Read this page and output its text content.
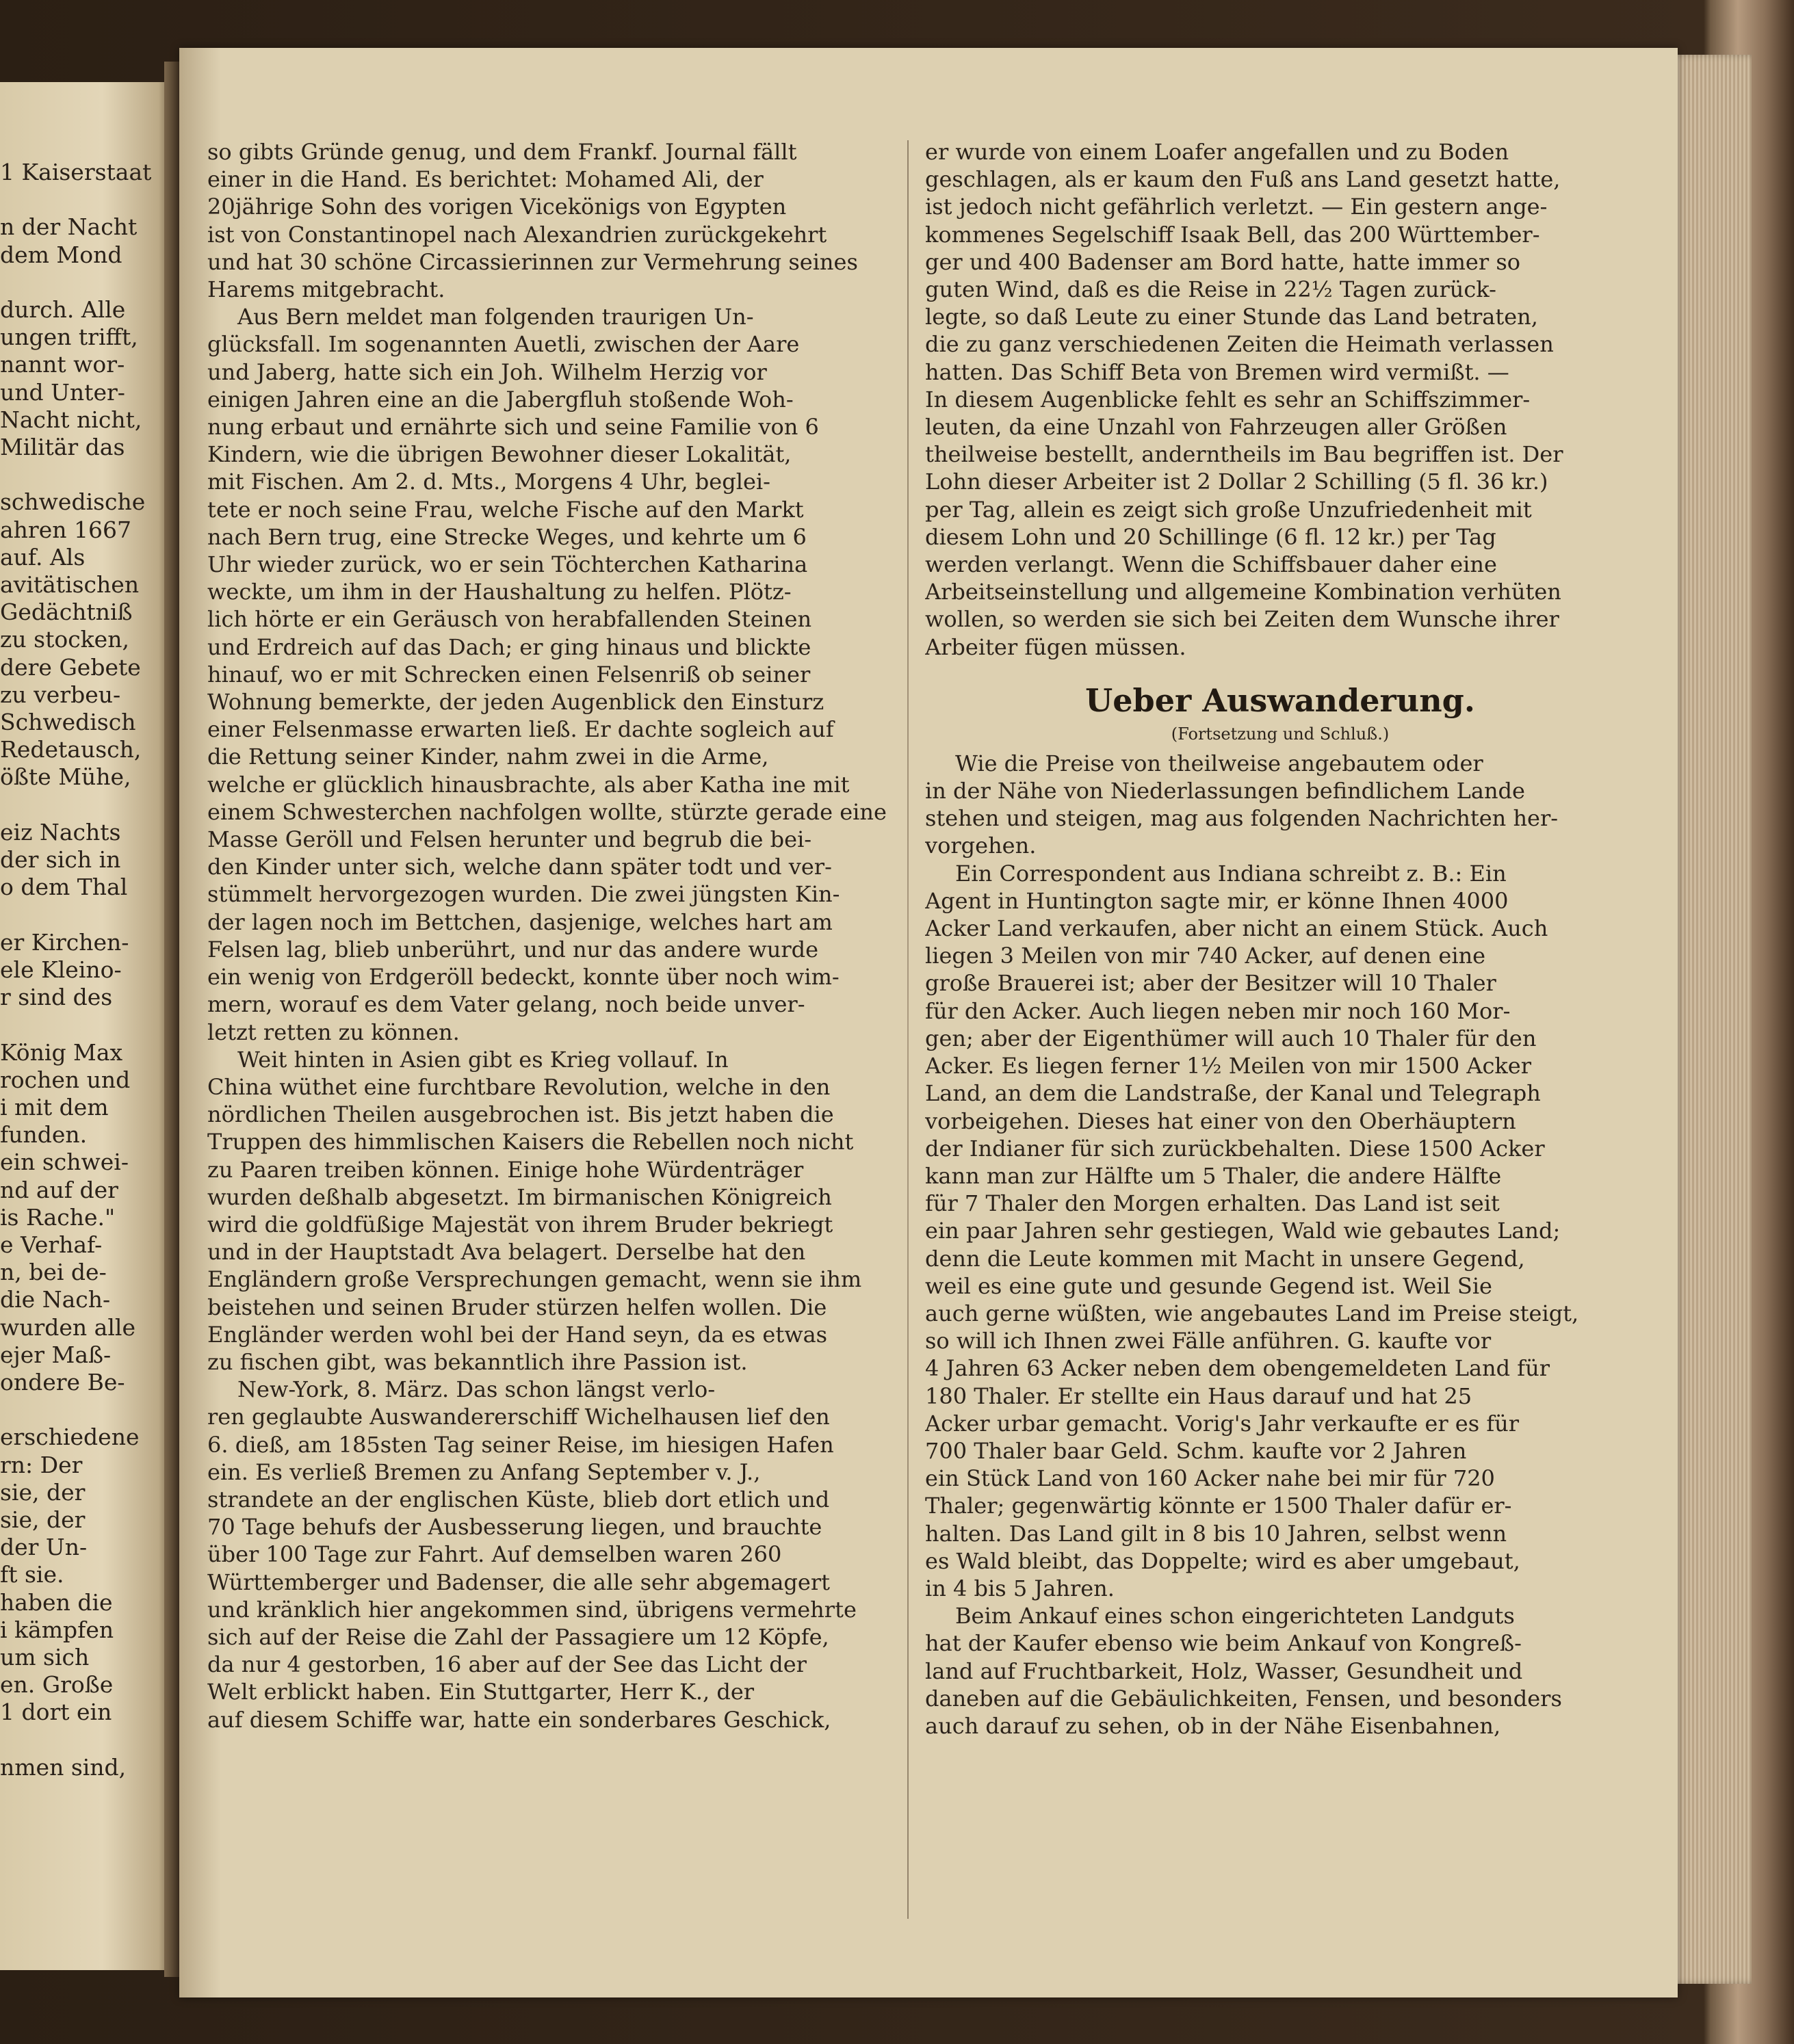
1 Kaiserstaat

n der Nacht
dem Mond

durch. Alle
ungen trifft,
nannt wor-
und Unter-
Nacht nicht,
Militär das

schwedische
ahren 1667
auf. Als
avitätischen
Gedächtniß
zu stocken,
dere Gebete
zu verbeu-
Schwedisch
Redetausch,
ößte Mühe,

eiz Nachts
der sich in
o dem Thal

er Kirchen-
ele Kleino-
r sind des

König Max
rochen und
i mit dem
funden.
ein schwei-
nd auf der
is Rache."
e Verhaf-
n, bei de-
die Nach-
wurden alle
ejer Maß-
ondere Be-

erschiedene
rn: Der
sie, der
sie, der
der Un-
ft sie.
haben die
i kämpfen
um sich
en. Große
1 dort ein

nmen sind,
so gibts Gründe genug, und dem Frankf. Journal fällt
einer in die Hand. Es berichtet: Mohamed Ali, der
20jährige Sohn des vorigen Vicekönigs von Egypten
ist von Constantinopel nach Alexandrien zurückgekehrt
und hat 30 schöne Circassierinnen zur Vermehrung seines
Harems mitgebracht.
Aus Bern meldet man folgenden traurigen Un-
glücksfall. Im sogenannten Auetli, zwischen der Aare
und Jaberg, hatte sich ein Joh. Wilhelm Herzig vor
einigen Jahren eine an die Jabergfluh stoßende Woh-
nung erbaut und ernährte sich und seine Familie von 6
Kindern, wie die übrigen Bewohner dieser Lokalität,
mit Fischen. Am 2. d. Mts., Morgens 4 Uhr, beglei-
tete er noch seine Frau, welche Fische auf den Markt
nach Bern trug, eine Strecke Weges, und kehrte um 6
Uhr wieder zurück, wo er sein Töchterchen Katharina
weckte, um ihm in der Haushaltung zu helfen. Plötz-
lich hörte er ein Geräusch von herabfallenden Steinen
und Erdreich auf das Dach; er ging hinaus und blickte
hinauf, wo er mit Schrecken einen Felsenriß ob seiner
Wohnung bemerkte, der jeden Augenblick den Einsturz
einer Felsenmasse erwarten ließ. Er dachte sogleich auf
die Rettung seiner Kinder, nahm zwei in die Arme,
welche er glücklich hinausbrachte, als aber Katha ine mit
einem Schwesterchen nachfolgen wollte, stürzte gerade eine
Masse Geröll und Felsen herunter und begrub die bei-
den Kinder unter sich, welche dann später todt und ver-
stümmelt hervorgezogen wurden. Die zwei jüngsten Kin-
der lagen noch im Bettchen, dasjenige, welches hart am
Felsen lag, blieb unberührt, und nur das andere wurde
ein wenig von Erdgeröll bedeckt, konnte über noch wim-
mern, worauf es dem Vater gelang, noch beide unver-
letzt retten zu können.
Weit hinten in Asien gibt es Krieg vollauf. In
China wüthet eine furchtbare Revolution, welche in den
nördlichen Theilen ausgebrochen ist. Bis jetzt haben die
Truppen des himmlischen Kaisers die Rebellen noch nicht
zu Paaren treiben können. Einige hohe Würdenträger
wurden deßhalb abgesetzt. Im birmanischen Königreich
wird die goldfüßige Majestät von ihrem Bruder bekriegt
und in der Hauptstadt Ava belagert. Derselbe hat den
Engländern große Versprechungen gemacht, wenn sie ihm
beistehen und seinen Bruder stürzen helfen wollen. Die
Engländer werden wohl bei der Hand seyn, da es etwas
zu fischen gibt, was bekanntlich ihre Passion ist.
New-York, 8. März. Das schon längst verlo-
ren geglaubte Auswandererschiff Wichelhausen lief den
6. dieß, am 185sten Tag seiner Reise, im hiesigen Hafen
ein. Es verließ Bremen zu Anfang September v. J.,
strandete an der englischen Küste, blieb dort etlich und
70 Tage behufs der Ausbesserung liegen, und brauchte
über 100 Tage zur Fahrt. Auf demselben waren 260
Württemberger und Badenser, die alle sehr abgemagert
und kränklich hier angekommen sind, übrigens vermehrte
sich auf der Reise die Zahl der Passagiere um 12 Köpfe,
da nur 4 gestorben, 16 aber auf der See das Licht der
Welt erblickt haben. Ein Stuttgarter, Herr K., der
auf diesem Schiffe war, hatte ein sonderbares Geschick,
er wurde von einem Loafer angefallen und zu Boden
geschlagen, als er kaum den Fuß ans Land gesetzt hatte,
ist jedoch nicht gefährlich verletzt. — Ein gestern ange-
kommenes Segelschiff Isaak Bell, das 200 Württember-
ger und 400 Badenser am Bord hatte, hatte immer so
guten Wind, daß es die Reise in 22½ Tagen zurück-
legte, so daß Leute zu einer Stunde das Land betraten,
die zu ganz verschiedenen Zeiten die Heimath verlassen
hatten. Das Schiff Beta von Bremen wird vermißt. —
In diesem Augenblicke fehlt es sehr an Schiffszimmer-
leuten, da eine Unzahl von Fahrzeugen aller Größen
theilweise bestellt, anderntheils im Bau begriffen ist. Der
Lohn dieser Arbeiter ist 2 Dollar 2 Schilling (5 fl. 36 kr.)
per Tag, allein es zeigt sich große Unzufriedenheit mit
diesem Lohn und 20 Schillinge (6 fl. 12 kr.) per Tag
werden verlangt. Wenn die Schiffsbauer daher eine
Arbeitseinstellung und allgemeine Kombination verhüten
wollen, so werden sie sich bei Zeiten dem Wunsche ihrer
Arbeiter fügen müssen.
Ueber Auswanderung.
(Fortsetzung und Schluß.)
Wie die Preise von theilweise angebautem oder
in der Nähe von Niederlassungen befindlichem Lande
stehen und steigen, mag aus folgenden Nachrichten her-
vorgehen.
Ein Correspondent aus Indiana schreibt z. B.: Ein
Agent in Huntington sagte mir, er könne Ihnen 4000
Acker Land verkaufen, aber nicht an einem Stück. Auch
liegen 3 Meilen von mir 740 Acker, auf denen eine
große Brauerei ist; aber der Besitzer will 10 Thaler
für den Acker. Auch liegen neben mir noch 160 Mor-
gen; aber der Eigenthümer will auch 10 Thaler für den
Acker. Es liegen ferner 1½ Meilen von mir 1500 Acker
Land, an dem die Landstraße, der Kanal und Telegraph
vorbeigehen. Dieses hat einer von den Oberhäuptern
der Indianer für sich zurückbehalten. Diese 1500 Acker
kann man zur Hälfte um 5 Thaler, die andere Hälfte
für 7 Thaler den Morgen erhalten. Das Land ist seit
ein paar Jahren sehr gestiegen, Wald wie gebautes Land;
denn die Leute kommen mit Macht in unsere Gegend,
weil es eine gute und gesunde Gegend ist. Weil Sie
auch gerne wüßten, wie angebautes Land im Preise steigt,
so will ich Ihnen zwei Fälle anführen. G. kaufte vor
4 Jahren 63 Acker neben dem obengemeldeten Land für
180 Thaler. Er stellte ein Haus darauf und hat 25
Acker urbar gemacht. Vorig's Jahr verkaufte er es für
700 Thaler baar Geld. Schm. kaufte vor 2 Jahren
ein Stück Land von 160 Acker nahe bei mir für 720
Thaler; gegenwärtig könnte er 1500 Thaler dafür er-
halten. Das Land gilt in 8 bis 10 Jahren, selbst wenn
es Wald bleibt, das Doppelte; wird es aber umgebaut,
in 4 bis 5 Jahren.
Beim Ankauf eines schon eingerichteten Landguts
hat der Kaufer ebenso wie beim Ankauf von Kongreß-
land auf Fruchtbarkeit, Holz, Wasser, Gesundheit und
daneben auf die Gebäulichkeiten, Fensen, und besonders
auch darauf zu sehen, ob in der Nähe Eisenbahnen,
